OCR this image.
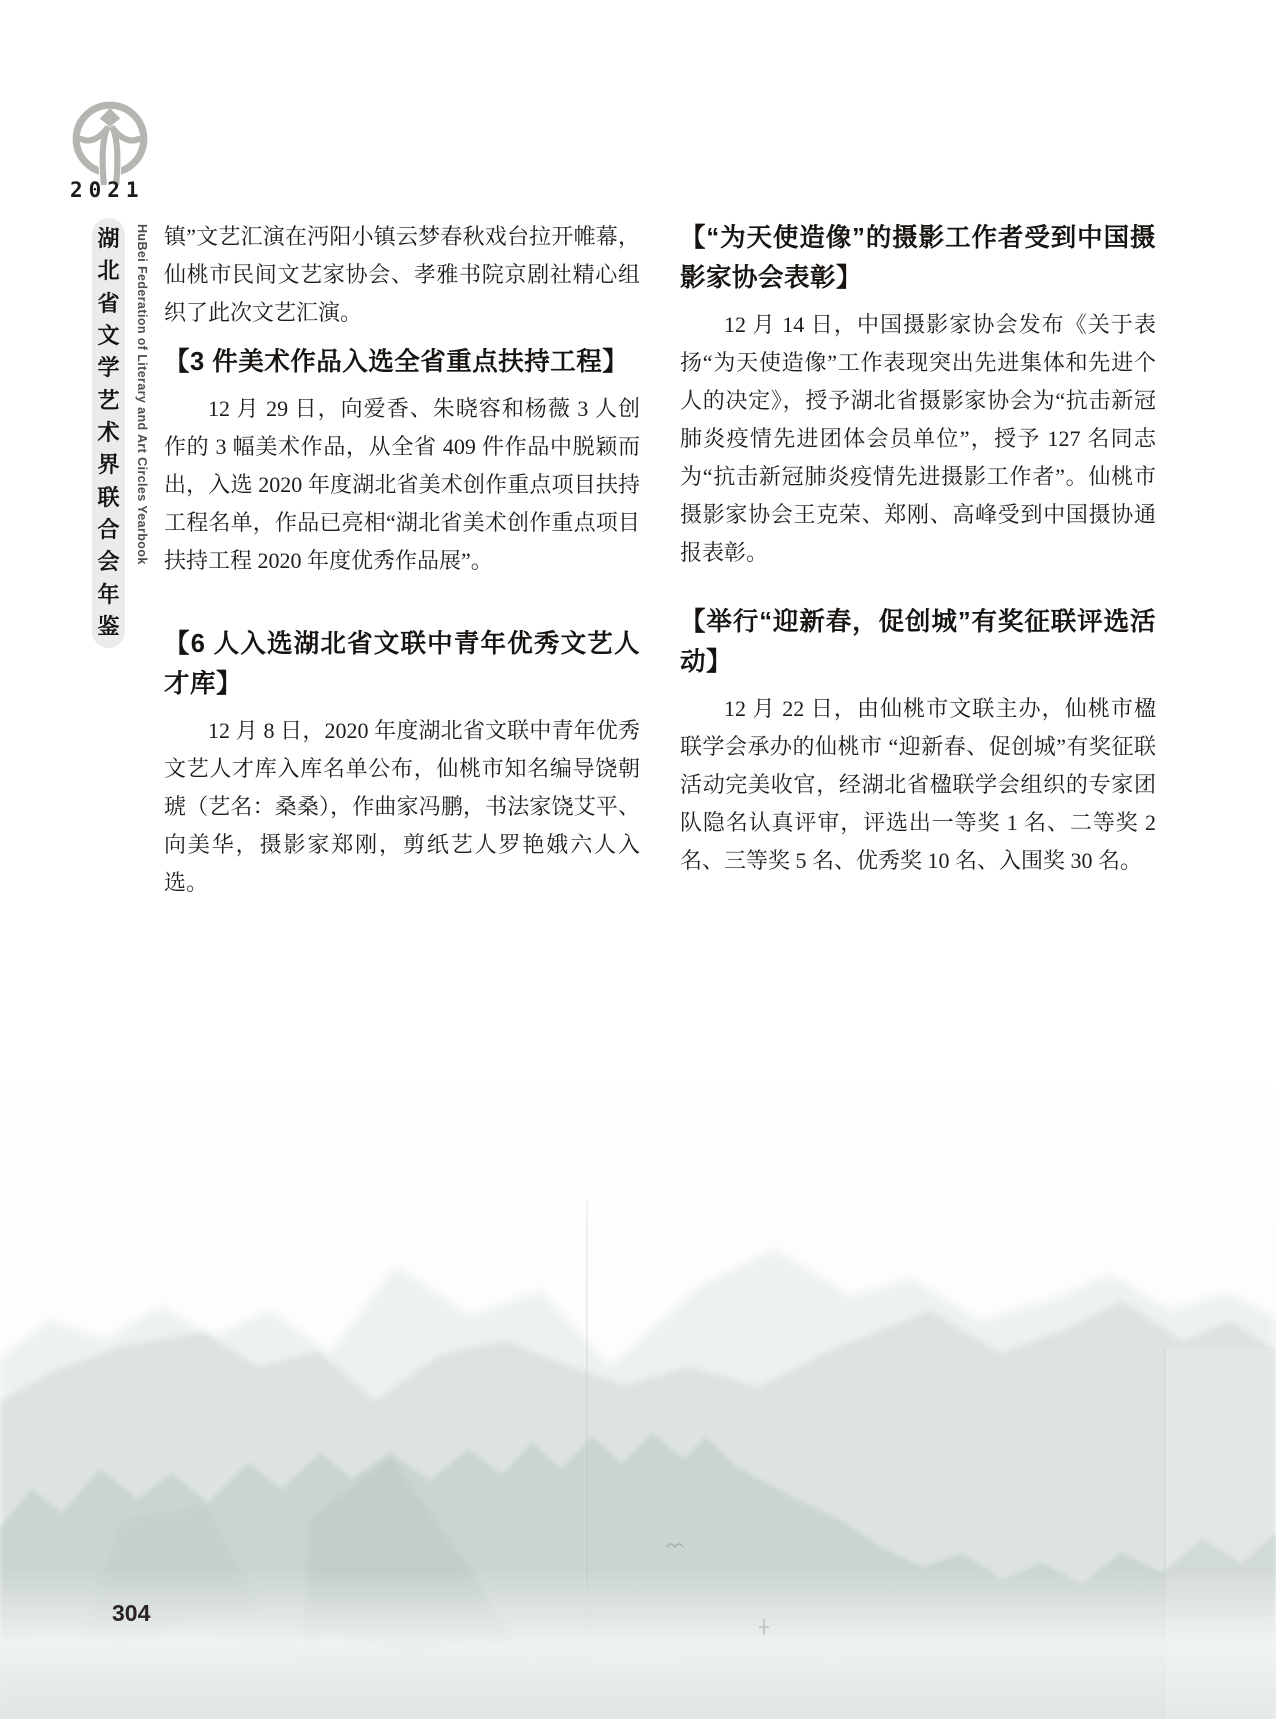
2021
湖
北
省
文
学
艺
术
界
联
合
会
年
鉴
HuBei Federation of Literary and Art Circles Yearbook 镇”文艺汇演在沔阳小镇云梦春秋戏台拉开帷幕，仙桃市民间文艺家协会、孝雅书院京剧社精心组织了此次文艺汇演。

【3 件美术作品入选全省重点扶持工程】

12 月 29 日，向爱香、朱晓容和杨薇 3 人创作的 3 幅美术作品，从全省 409 件作品中脱颖而出，入选 2020 年度湖北省美术创作重点项目扶持工程名单，作品已亮相“湖北省美术创作重点项目扶持工程 2020 年度优秀作品展”。

【6 人入选湖北省文联中青年优秀文艺人才库】

12 月 8 日，2020 年度湖北省文联中青年优秀文艺人才库入库名单公布，仙桃市知名编导饶朝琥（艺名：桑桑），作曲家冯鹏，书法家饶艾平、向美华，摄影家郑刚，剪纸艺人罗艳娥六人入选。

【“为天使造像”的摄影工作者受到中国摄影家协会表彰】

12 月 14 日，中国摄影家协会发布《关于表扬“为天使造像”工作表现突出先进集体和先进个人的决定》，授予湖北省摄影家协会为“抗击新冠肺炎疫情先进团体会员单位”，授予 127 名同志为“抗击新冠肺炎疫情先进摄影工作者”。仙桃市摄影家协会王克荣、郑刚、高峰受到中国摄协通报表彰。

【举行“迎新春，促创城”有奖征联评选活动】

12 月 22 日，由仙桃市文联主办，仙桃市楹联学会承办的仙桃市 “迎新春、促创城”有奖征联活动完美收官，经湖北省楹联学会组织的专家团队隐名认真评审，评选出一等奖 1 名、二等奖 2 名、三等奖 5 名、优秀奖 10 名、入围奖 30 名。

304
